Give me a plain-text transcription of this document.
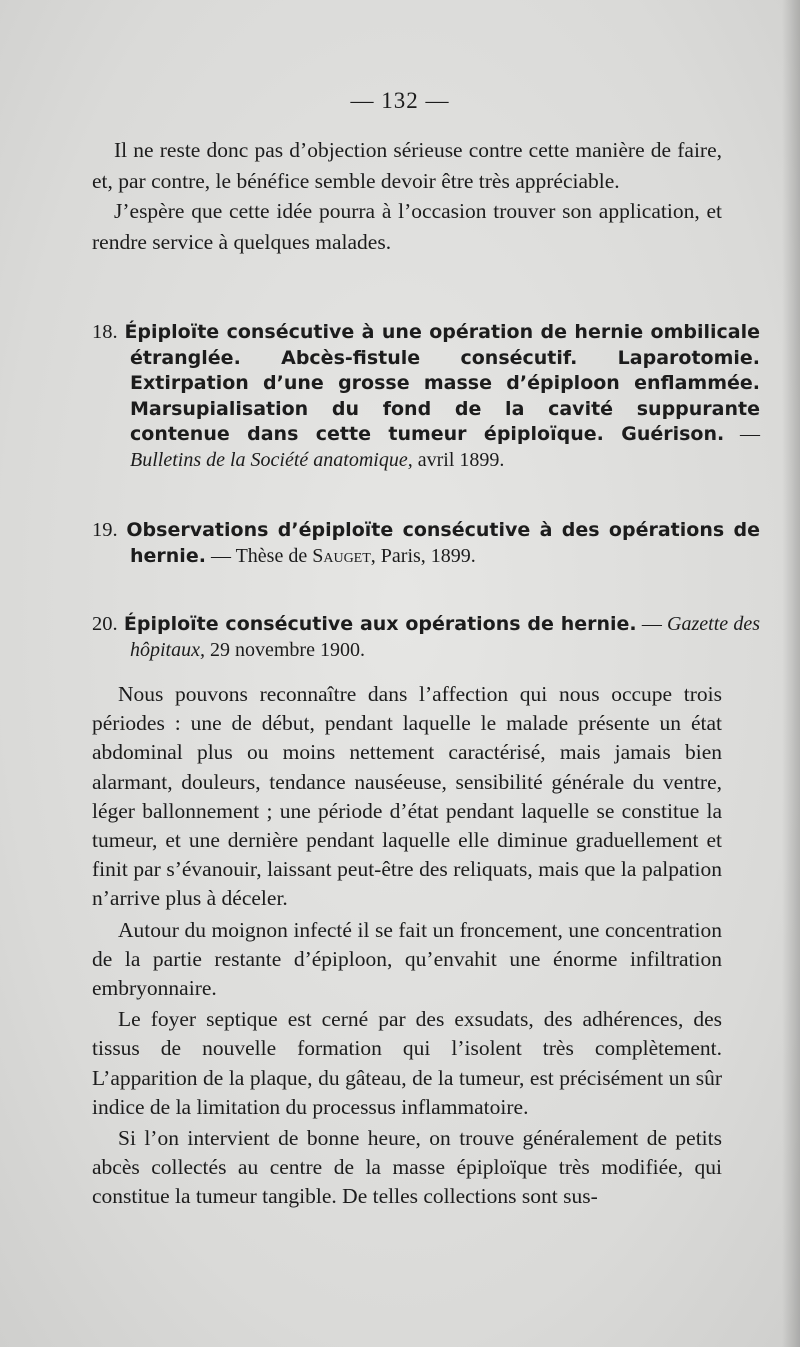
— 132 —

Il ne reste donc pas d’objection sérieuse contre cette manière de faire, et, par contre, le bénéfice semble devoir être très appréciable.

J’espère que cette idée pourra à l’occasion trouver son application, et rendre service à quelques malades.

18. Épiploïte consécutive à une opération de hernie ombilicale étranglée. Abcès-fistule consécutif. Laparotomie. Extirpation d’une grosse masse d’épiploon enflammée. Marsupialisation du fond de la cavité suppurante contenue dans cette tumeur épiploïque. Guérison. — Bulletins de la Société anatomique, avril 1899.

19. Observations d’épiploïte consécutive à des opérations de hernie. — Thèse de Sauget, Paris, 1899.

20. Épiploïte consécutive aux opérations de hernie. — Gazette des hôpitaux, 29 novembre 1900.

Nous pouvons reconnaître dans l’affection qui nous occupe trois périodes : une de début, pendant laquelle le malade présente un état abdominal plus ou moins nettement caractérisé, mais jamais bien alarmant, douleurs, tendance nauséeuse, sensibilité générale du ventre, léger ballonnement ; une période d’état pendant laquelle se constitue la tumeur, et une dernière pendant laquelle elle diminue graduellement et finit par s’évanouir, laissant peut-être des reliquats, mais que la palpation n’arrive plus à déceler.

Autour du moignon infecté il se fait un froncement, une concentration de la partie restante d’épiploon, qu’envahit une énorme infiltration embryonnaire.

Le foyer septique est cerné par des exsudats, des adhérences, des tissus de nouvelle formation qui l’isolent très complètement. L’apparition de la plaque, du gâteau, de la tumeur, est précisément un sûr indice de la limitation du processus inflammatoire.

Si l’on intervient de bonne heure, on trouve généralement de petits abcès collectés au centre de la masse épiploïque très modifiée, qui constitue la tumeur tangible. De telles collections sont sus-
